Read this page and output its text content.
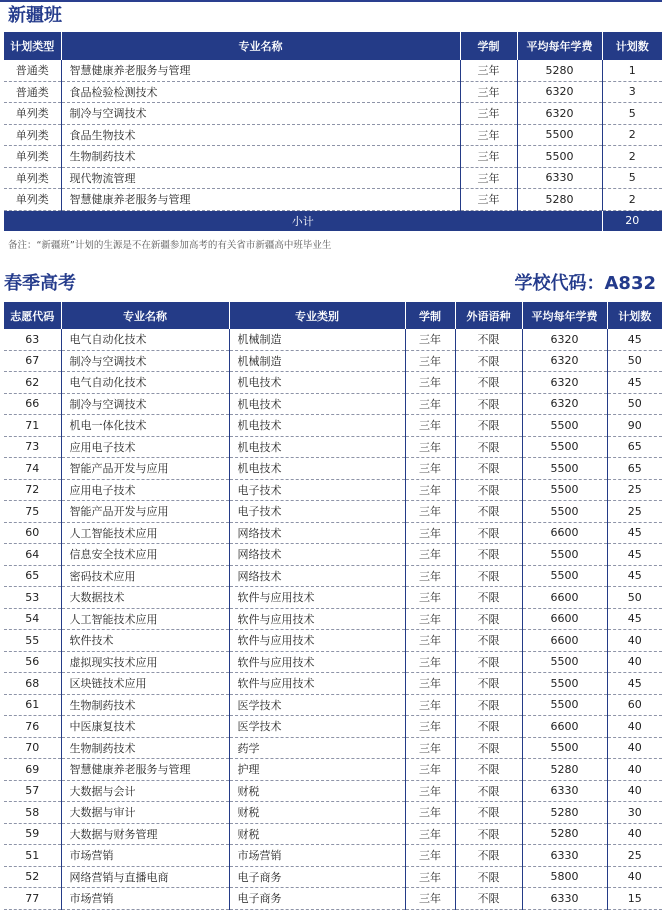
新疆班
计划类型	专业名称	学制	平均每年学费	计划数
普通类	智慧健康养老服务与管理	三年	5280	1
普通类	食品检验检测技术	三年	6320	3
单列类	制冷与空调技术	三年	6320	5
单列类	食品生物技术	三年	5500	2
单列类	生物制药技术	三年	5500	2
单列类	现代物流管理	三年	6330	5
单列类	智慧健康养老服务与管理	三年	5280	2
小计				20
备注：“新疆班”计划的生源是不在新疆参加高考的有关省市新疆高中班毕业生
春季高考	学校代码：A832
志愿代码	专业名称	专业类别	学制	外语语种	平均每年学费	计划数
63	电气自动化技术	机械制造	三年	不限	6320	45
67	制冷与空调技术	机械制造	三年	不限	6320	50
62	电气自动化技术	机电技术	三年	不限	6320	45
66	制冷与空调技术	机电技术	三年	不限	6320	50
71	机电一体化技术	机电技术	三年	不限	5500	90
73	应用电子技术	机电技术	三年	不限	5500	65
74	智能产品开发与应用	机电技术	三年	不限	5500	65
72	应用电子技术	电子技术	三年	不限	5500	25
75	智能产品开发与应用	电子技术	三年	不限	5500	25
60	人工智能技术应用	网络技术	三年	不限	6600	45
64	信息安全技术应用	网络技术	三年	不限	5500	45
65	密码技术应用	网络技术	三年	不限	5500	45
53	大数据技术	软件与应用技术	三年	不限	6600	50
54	人工智能技术应用	软件与应用技术	三年	不限	6600	45
55	软件技术	软件与应用技术	三年	不限	6600	40
56	虚拟现实技术应用	软件与应用技术	三年	不限	5500	40
68	区块链技术应用	软件与应用技术	三年	不限	5500	45
61	生物制药技术	医学技术	三年	不限	5500	60
76	中医康复技术	医学技术	三年	不限	6600	40
70	生物制药技术	药学	三年	不限	5500	40
69	智慧健康养老服务与管理	护理	三年	不限	5280	40
57	大数据与会计	财税	三年	不限	6330	40
58	大数据与审计	财税	三年	不限	5280	30
59	大数据与财务管理	财税	三年	不限	5280	40
51	市场营销	市场营销	三年	不限	6330	25
52	网络营销与直播电商	电子商务	三年	不限	5800	40
77	市场营销	电子商务	三年	不限	6330	15
